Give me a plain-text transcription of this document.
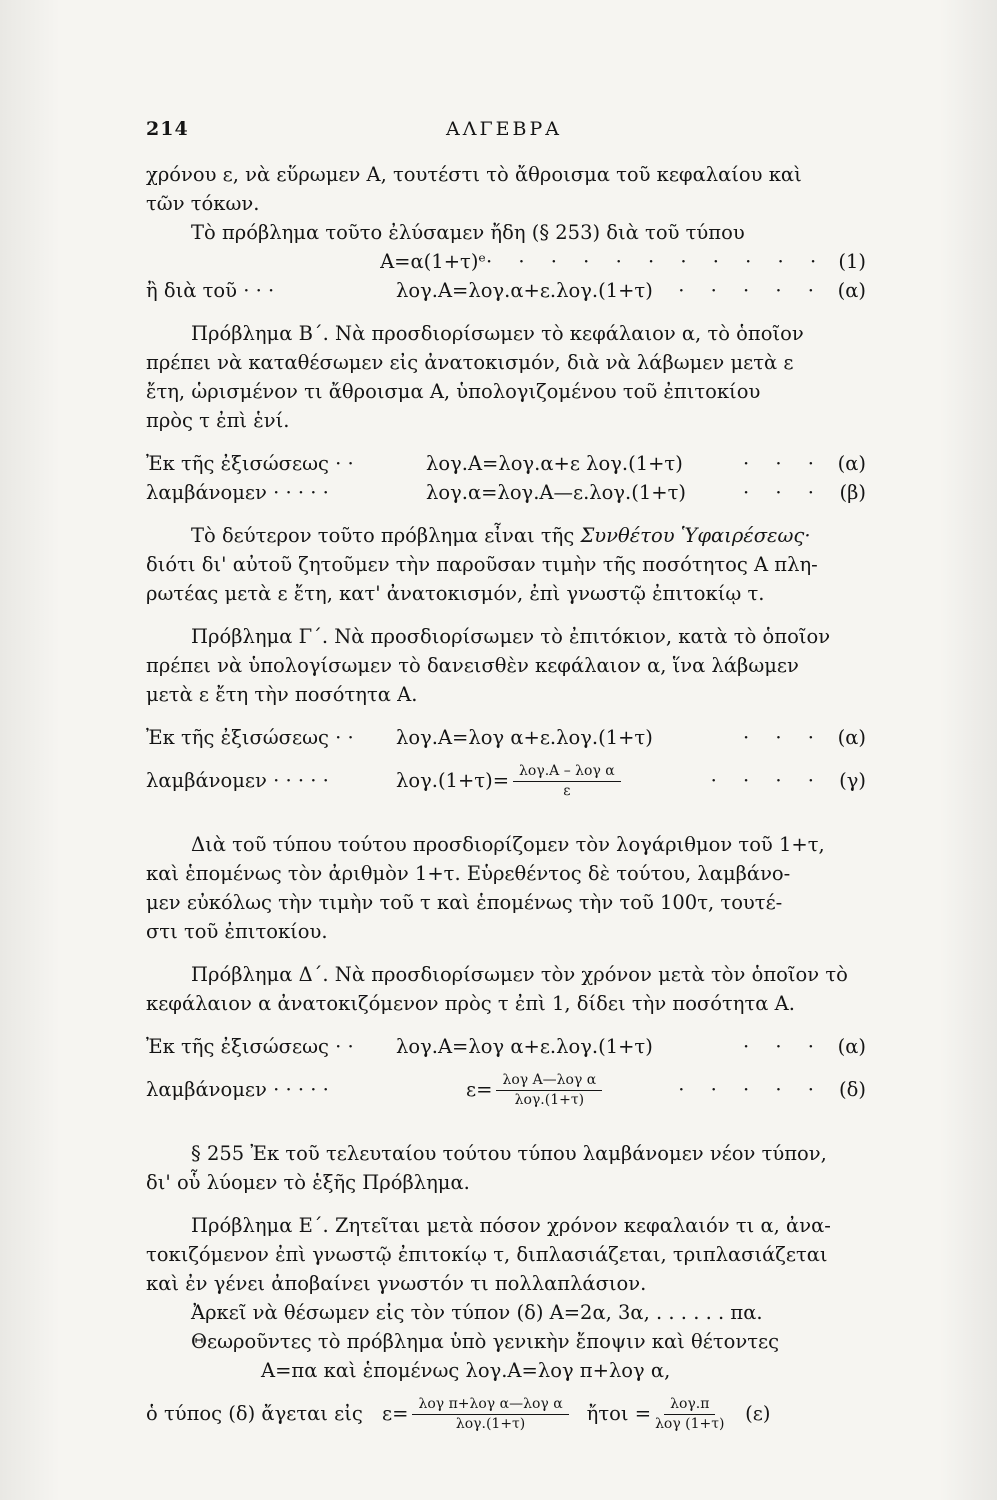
214	ΑΛΓΕΒΡΑ
χρόνου ε, νὰ εὕρωμεν Α, τουτέστι τὸ ἄθροισμα τοῦ κεφαλαίου καὶ
τῶν τόκων.
Τὸ πρόβλημα τοῦτο ἐλύσαμεν ἤδη (§ 253) διὰ τοῦ τύπου
Α=α(1+τ)ᵉ · · · · · · · · · · · (1)
ἢ διὰ τοῦ · · ·	λογ.Α=λογ.α+ε.λογ.(1+τ)	· · · · · (α)
Πρόβλημα Β΄. Νὰ προσδιορίσωμεν τὸ κεφάλαιον α, τὸ ὁποῖον
πρέπει νὰ καταθέσωμεν εἰς ἀνατοκισμόν, διὰ νὰ λάβωμεν μετὰ ε
ἔτη, ὡρισμένον τι ἄθροισμα Α, ὑπολογιζομένου τοῦ ἐπιτοκίου
πρὸς τ ἐπὶ ἑνί.
Ἐκ τῆς ἐξισώσεως · ·	λογ.Α=λογ.α+ε λογ.(1+τ)	· · · (α)
λαμβάνομεν · · · · ·	λογ.α=λογ.Α—ε.λογ.(1+τ)	· · · (β)
Τὸ δεύτερον τοῦτο πρόβλημα εἶναι τῆς Συνθέτου Ὑφαιρέσεως·
διότι δι' αὐτοῦ ζητοῦμεν τὴν παροῦσαν τιμὴν τῆς ποσότητος Α πλη-
ρωτέας μετὰ ε ἔτη, κατ' ἀνατοκισμόν, ἐπὶ γνωστῷ ἐπιτοκίῳ τ.
Πρόβλημα Γ΄. Νὰ προσδιορίσωμεν τὸ ἐπιτόκιον, κατὰ τὸ ὁποῖον
πρέπει νὰ ὑπολογίσωμεν τὸ δανεισθὲν κεφάλαιον α, ἵνα λάβωμεν
μετὰ ε ἔτη τὴν ποσότητα Α.
Ἐκ τῆς ἐξισώσεως · ·	λογ.Α=λογ α+ε.λογ.(1+τ)	· · · (α)
λαμβάνομεν · · · · ·	$\lambda o\gamma.(1+\tau)= \frac{\text{λογ.Α – λογ α}}{\varepsilon}$	· · · · (γ)
Διὰ τοῦ τύπου τούτου προσδιορίζομεν τὸν λογάριθμον τοῦ 1+τ,
καὶ ἑπομένως τὸν ἀριθμὸν 1+τ. Εὑρεθέντος δὲ τούτου, λαμβάνο-
μεν εὐκόλως τὴν τιμὴν τοῦ τ καὶ ἑπομένως τὴν τοῦ 100τ, τουτέ-
στι τοῦ ἐπιτοκίου.
Πρόβλημα Δ΄. Νὰ προσδιορίσωμεν τὸν χρόνον μετὰ τὸν ὁποῖον τὸ
κεφάλαιον α ἀνατοκιζόμενον πρὸς τ ἐπὶ 1, δίδει τὴν ποσότητα Α.
Ἐκ τῆς ἐξισώσεως · ·	λογ.Α=λογ α+ε.λογ.(1+τ)	· · · (α)
λαμβάνομεν · · · · ·	$\varepsilon= \frac{\text{λογ Α—λογ α}}{\text{λογ.(1+τ)}}$	· · · · · (δ)
§ 255 Ἐκ τοῦ τελευταίου τούτου τύπου λαμβάνομεν νέον τύπον,
δι' οὗ λύομεν τὸ ἑξῆς Πρόβλημα.
Πρόβλημα Ε΄. Ζητεῖται μετὰ πόσον χρόνον κεφαλαιόν τι α, ἀνα-
τοκιζόμενον ἐπὶ γνωστῷ ἐπιτοκίῳ τ, διπλασιάζεται, τριπλασιάζεται
καὶ ἐν γένει ἀποβαίνει γνωστόν τι πολλαπλάσιον.
Ἀρκεῖ νὰ θέσωμεν εἰς τὸν τύπον (δ) Α=2α, 3α, . . . . . . πα.
Θεωροῦντες τὸ πρόβλημα ὑπὸ γενικὴν ἔποψιν καὶ θέτοντες
Α=πα καὶ ἑπομένως λογ.Α=λογ π+λογ α,
ὁ τύπος (δ) ἄγεται εἰς $\varepsilon= \frac{\text{λογ π+λογ α—λογ α}}{\text{λογ.(1+τ)}}$ ἤτοι = $\frac{\text{λογ.π}}{\text{λογ (1+τ)}}$	(ε)
